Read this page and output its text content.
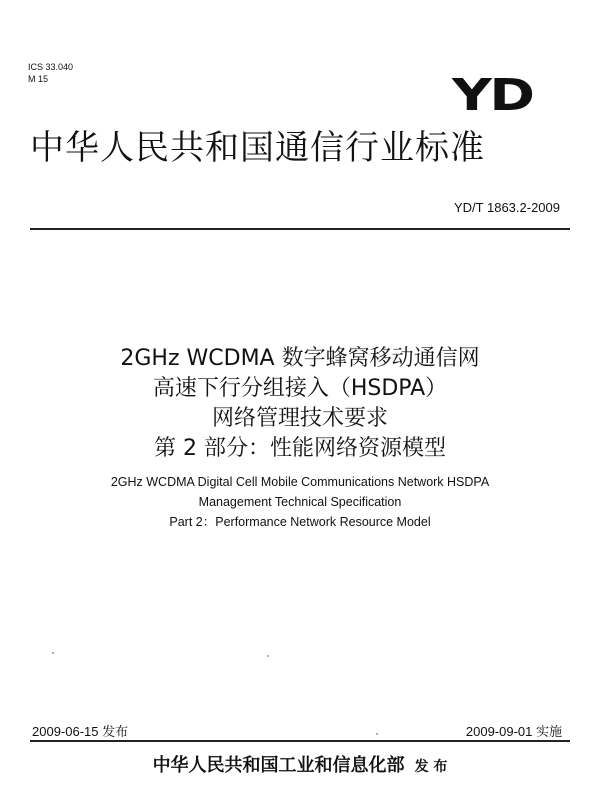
ICS 33.040
M 15	YD
中华人民共和国通信行业标准
YD/T 1863.2-2009
2GHz WCDMA 数字蜂窝移动通信网
高速下行分组接入（HSDPA）
网络管理技术要求
第 2 部分：性能网络资源模型
2GHz WCDMA Digital Cell Mobile Communications Network HSDPA
Management Technical Specification
Part 2：Performance Network Resource Model
2009-06-15 发布	2009-09-01 实施
中华人民共和国工业和信息化部 发 布
